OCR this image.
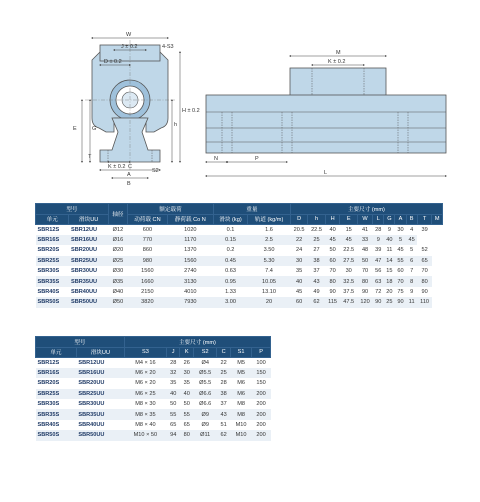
W
J ± 0.2
D ± 0.2
4-S3
H ± 0.2
h
E	G
T
K ± 0.2 C
S2
A
B
M
K ± 0.2
N	P
L
型号		轴径	额定载荷		重量		主要尺寸 (mm)										
单元	滑块UU		动荷载 CN	静荷载 Co N	滑块 (kg)	轨道 (kg/m)	D	h	H	E	W	L	G	A	B	T	M
SBR12S	SBR12UU	Ø12	600	1020	0.1	1.6	20.5	22.5	40	15	41	28	9	30	4	39	
SBR16S	SBR16UU	Ø16	770	1170	0.15	2.5	22	25	45	45	33	9	40	5	45		
SBR20S	SBR20UU	Ø20	860	1370	0.2	3.50	24	27	50	22.5	48	39	11	45	5	52	
SBR25S	SBR25UU	Ø25	980	1560	0.45	5.30	30	38	60	27.5	50	47	14	55	6	65	
SBR30S	SBR30UU	Ø30	1560	2740	0.63	7.4	35	37	70	30	70	56	15	60	7	70	
SBR35S	SBR35UU	Ø35	1660	3130	0.95	10.05	40	43	80	32.5	80	63	18	70	8	80	
SBR40S	SBR40UU	Ø40	2150	4010	1.33	13.10	45	49	90	37.5	90	72	20	75	9	90	
SBR50S	SBR50UU	Ø50	3820	7930	3.00	20	60	62	115	47.5	120	90	25	90	11	110	
型号		主要尺寸 (mm)						
单元	滑块UU	S3	J	K	S2	C	S1	P
SBR12S	SBR12UU	M4 × 16	28	26	Ø4	22	M5	100
SBR16S	SBR16UU	M6 × 20	32	30	Ø5.5	25	M5	150
SBR20S	SBR20UU	M6 × 20	35	35	Ø5.5	28	M6	150
SBR25S	SBR25UU	M6 × 25	40	40	Ø6.6	38	M6	200
SBR30S	SBR30UU	M8 × 30	50	50	Ø6.6	37	M8	200
SBR35S	SBR35UU	M8 × 35	55	55	Ø9	43	M8	200
SBR40S	SBR40UU	M8 × 40	65	65	Ø9	51	M10	200
SBR50S	SBR50UU	M10 × 50	94	80	Ø11	62	M10	200
